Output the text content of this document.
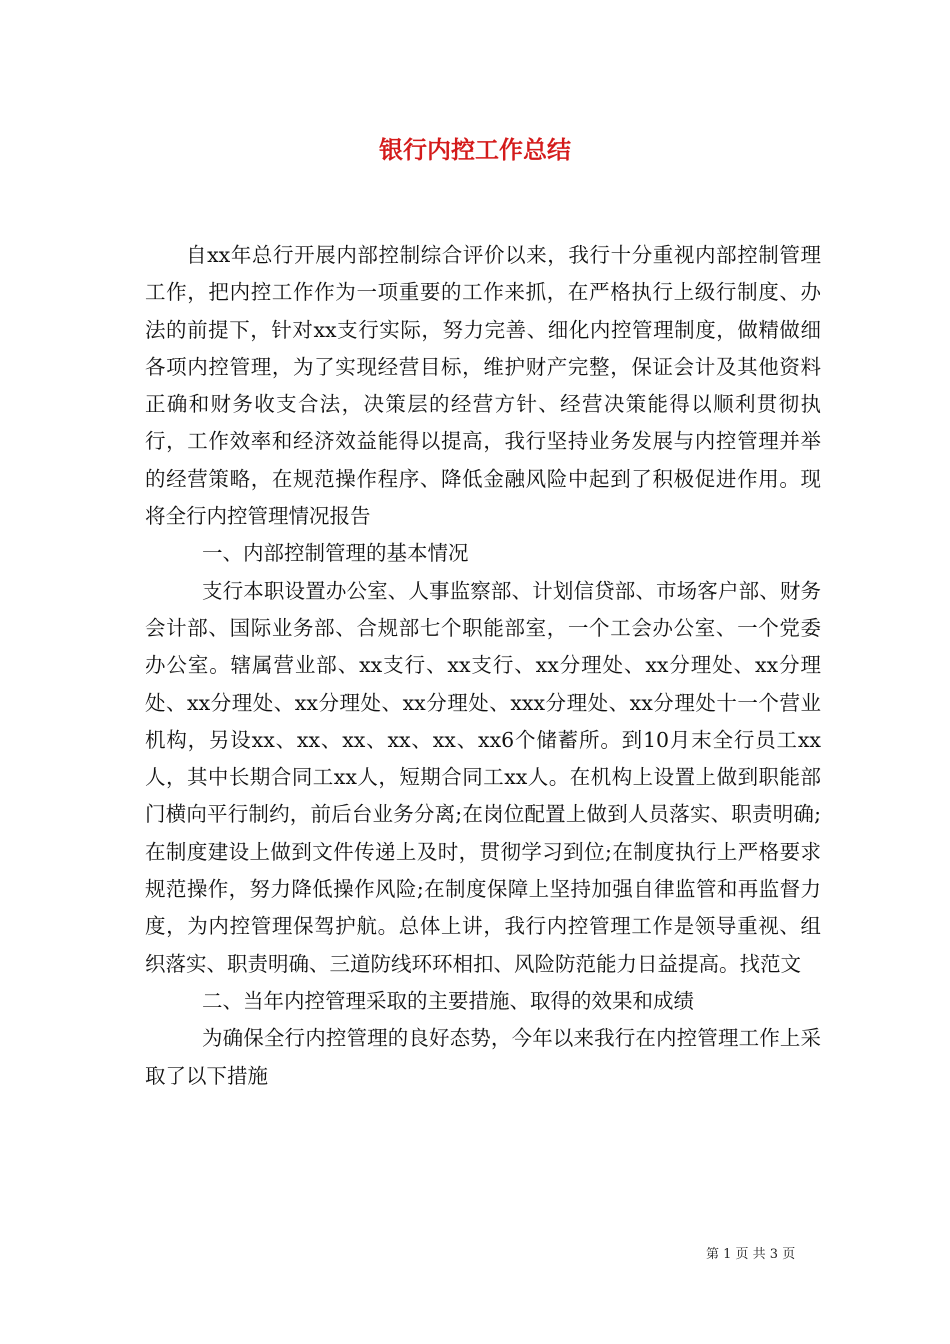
银行内控工作总结

自xx年总行开展内部控制综合评价以来，我行十分重视内部控制管理工作，把内控工作作为一项重要的工作来抓，在严格执行上级行制度、办法的前提下，针对xx支行实际，努力完善、细化内控管理制度，做精做细各项内控管理，为了实现经营目标，维护财产完整，保证会计及其他资料正确和财务收支合法，决策层的经营方针、经营决策能得以顺利贯彻执行，工作效率和经济效益能得以提高，我行坚持业务发展与内控管理并举的经营策略，在规范操作程序、降低金融风险中起到了积极促进作用。现将全行内控管理情况报告

一、内部控制管理的基本情况

支行本职设置办公室、人事监察部、计划信贷部、市场客户部、财务会计部、国际业务部、合规部七个职能部室，一个工会办公室、一个党委办公室。辖属营业部、xx支行、xx支行、xx分理处、xx分理处、xx分理处、xx分理处、xx分理处、xx分理处、xxx分理处、xx分理处十一个营业机构，另设xx、xx、xx、xx、xx、xx6个储蓄所。到10月末全行员工xx人，其中长期合同工xx人，短期合同工xx人。在机构上设置上做到职能部门横向平行制约，前后台业务分离;在岗位配置上做到人员落实、职责明确;在制度建设上做到文件传递上及时，贯彻学习到位;在制度执行上严格要求规范操作，努力降低操作风险;在制度保障上坚持加强自律监管和再监督力度，为内控管理保驾护航。总体上讲，我行内控管理工作是领导重视、组织落实、职责明确、三道防线环环相扣、风险防范能力日益提高。找范文

二、当年内控管理采取的主要措施、取得的效果和成绩

为确保全行内控管理的良好态势，今年以来我行在内控管理工作上采取了以下措施

第 1 页 共 3 页
